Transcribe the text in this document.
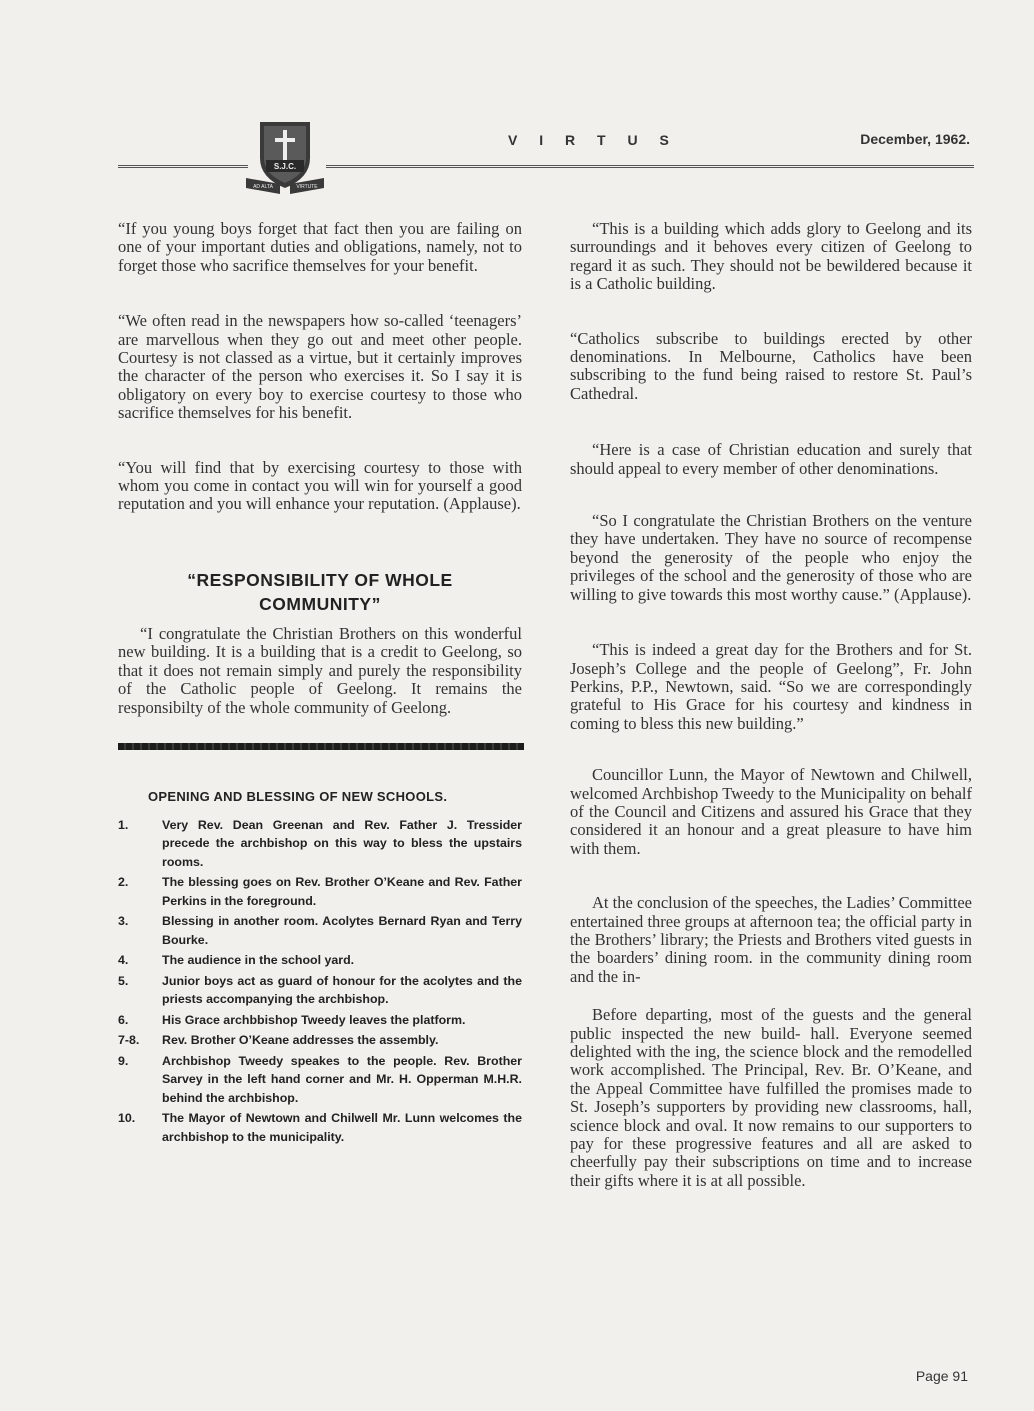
S.J.C.
AD ALTA	VIRTUTE
V I R T U S	December, 1962.

“If you young boys forget that fact then you are failing on one of your important duties and obligations, namely, not to forget those who sacrifice themselves for your benefit.

“We often read in the newspapers how so-called ‘teenagers’ are marvellous when they go out and meet other people. Courtesy is not classed as a virtue, but it certainly improves the character of the person who exercises it. So I say it is obligatory on every boy to exercise courtesy to those who sacrifice themselves for his benefit.

“You will find that by exercising courtesy to those with whom you come in contact you will win for yourself a good reputation and you will enhance your reputation. (Applause).

“RESPONSIBILITY OF WHOLE
COMMUNITY”

“I congratulate the Christian Brothers on this wonderful new building. It is a building that is a credit to Geelong, so that it does not remain simply and purely the responsibility of the Catholic people of Geelong. It remains the responsibilty of the whole community of Geelong.

OPENING AND BLESSING OF NEW SCHOOLS.
1.	Very Rev. Dean Greenan and Rev. Father J. Tressider precede the archbishop on this way to bless the upstairs rooms.
2.	The blessing goes on Rev. Brother O’Keane and Rev. Father Perkins in the foreground.
3.	Blessing in another room. Acolytes Bernard Ryan and Terry Bourke.
4.	The audience in the school yard.
5.	Junior boys act as guard of honour for the acolytes and the priests accompanying the archbishop.
6.	His Grace archbbishop Tweedy leaves the platform.
7-8.	Rev. Brother O’Keane addresses the assembly.
9.	Archbishop Tweedy speakes to the people. Rev. Brother Sarvey in the left hand corner and Mr. H. Opperman M.H.R. behind the archbishop.
10.	The Mayor of Newtown and Chilwell Mr. Lunn welcomes the archbishop to the municipality.

“This is a building which adds glory to Geelong and its surroundings and it behoves every citizen of Geelong to regard it as such. They should not be bewildered because it is a Catholic building.

“Catholics subscribe to buildings erected by other denominations. In Melbourne, Catholics have been subscribing to the fund being raised to restore St. Paul’s Cathedral.

“Here is a case of Christian education and surely that should appeal to every member of other denominations.

“So I congratulate the Christian Brothers on the venture they have undertaken. They have no source of recompense beyond the generosity of the people who enjoy the privileges of the school and the generosity of those who are willing to give towards this most worthy cause.” (Applause).

“This is indeed a great day for the Brothers and for St. Joseph’s College and the people of Geelong”, Fr. John Perkins, P.P., Newtown, said. “So we are correspondingly grateful to His Grace for his courtesy and kindness in coming to bless this new building.”

Councillor Lunn, the Mayor of Newtown and Chilwell, welcomed Archbishop Tweedy to the Municipality on behalf of the Council and Citizens and assured his Grace that they considered it an honour and a great pleasure to have him with them.

At the conclusion of the speeches, the Ladies’ Committee entertained three groups at afternoon tea; the official party in the Brothers’ library; the Priests and Brothers vited guests in the boarders’ dining room. in the community dining room and the in-

Before departing, most of the guests and the general public inspected the new build- hall. Everyone seemed delighted with the ing, the science block and the remodelled work accomplished. The Principal, Rev. Br. O’Keane, and the Appeal Committee have fulfilled the promises made to St. Joseph’s supporters by providing new classrooms, hall, science block and oval. It now remains to our supporters to pay for these progressive features and all are asked to cheerfully pay their subscriptions on time and to increase their gifts where it is at all possible.

Page 91
